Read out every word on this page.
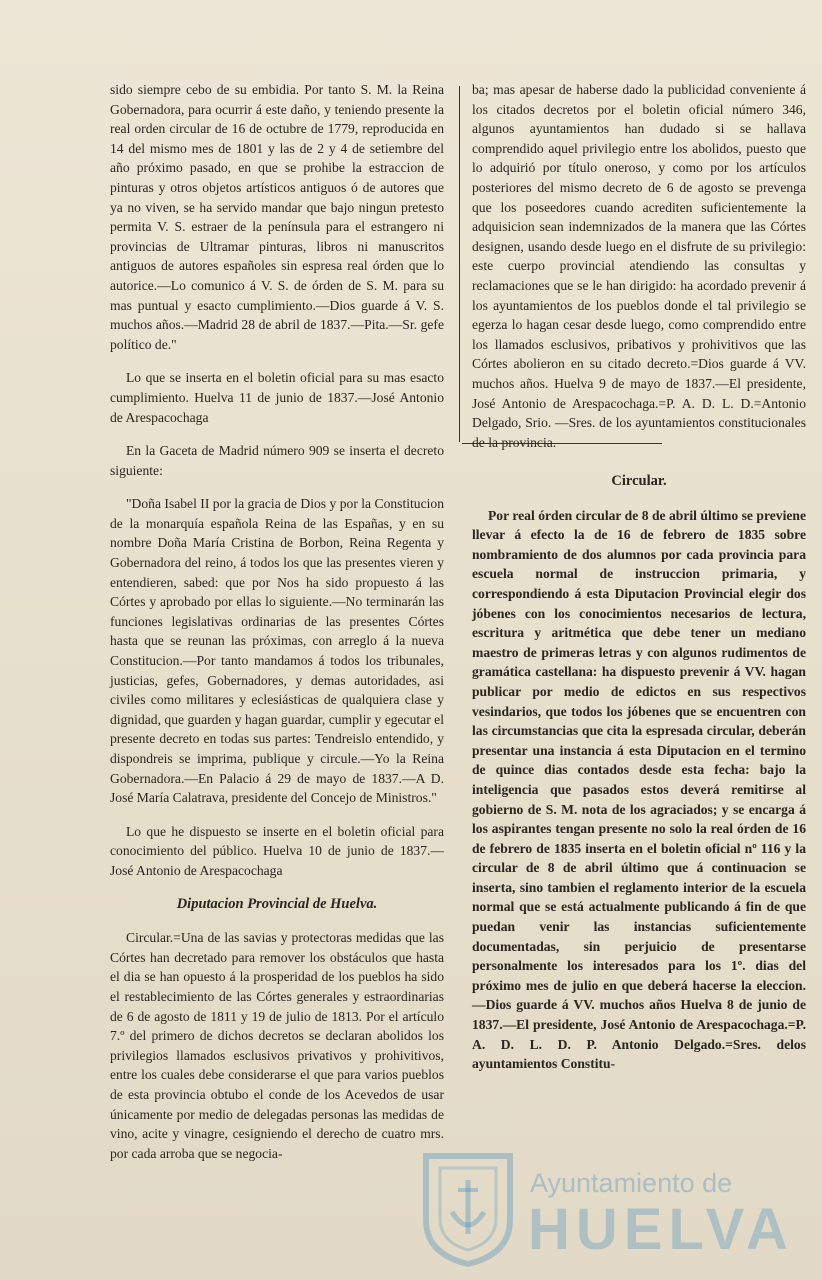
sido siempre cebo de su embidia. Por tanto S. M. la Reina Gobernadora, para ocurrir á este daño, y teniendo presente la real orden circular de 16 de octubre de 1779, reproducida en 14 del mismo mes de 1801 y las de 2 y 4 de setiembre del año próximo pasado, en que se prohibe la estraccion de pinturas y otros objetos artísticos antiguos ó de autores que ya no viven, se ha servido mandar que bajo ningun pretesto permita V. S. estraer de la península para el estrangero ni provincias de Ultramar pinturas, libros ni manuscritos antiguos de autores españoles sin espresa real órden que lo autorice.—Lo comunico á V. S. de órden de S. M. para su mas puntual y esacto cumplimiento.—Dios guarde á V. S. muchos años.—Madrid 28 de abril de 1837.—Pita.—Sr. gefe político de."

Lo que se inserta en el boletin oficial para su mas esacto cumplimiento. Huelva 11 de junio de 1837.—José Antonio de Arespacochaga

En la Gaceta de Madrid número 909 se inserta el decreto siguiente:

"Doña Isabel II por la gracia de Dios y por la Constitucion de la monarquía española Reina de las Españas, y en su nombre Doña María Cristina de Borbon, Reina Regenta y Gobernadora del reino, á todos los que las presentes vieren y entendieren, sabed: que por Nos ha sido propuesto á las Córtes y aprobado por ellas lo siguiente.—No terminarán las funciones legislativas ordinarias de las presentes Córtes hasta que se reunan las próximas, con arreglo á la nueva Constitucion.—Por tanto mandamos á todos los tribunales, justicias, gefes, Gobernadores, y demas autoridades, asi civiles como militares y eclesiásticas de qualquiera clase y dignidad, que guarden y hagan guardar, cumplir y egecutar el presente decreto en todas sus partes: Tendreislo entendido, y dispondreis se imprima, publique y circule.—Yo la Reina Gobernadora.—En Palacio á 29 de mayo de 1837.—A D. José María Calatrava, presidente del Concejo de Ministros."

Lo que he dispuesto se inserte en el boletin oficial para conocimiento del público. Huelva 10 de junio de 1837.—José Antonio de Arespacochaga

Diputacion Provincial de Huelva.

Circular.=Una de las savias y protectoras medidas que las Córtes han decretado para remover los obstáculos que hasta el dia se han opuesto á la prosperidad de los pueblos ha sido el restablecimiento de las Córtes generales y estraordinarias de 6 de agosto de 1811 y 19 de julio de 1813. Por el artículo 7.º del primero de dichos decretos se declaran abolidos los privilegios llamados esclusivos privativos y prohivitivos, entre los cuales debe considerarse el que para varios pueblos de esta provincia obtubo el conde de los Acevedos de usar únicamente por medio de delegadas personas las medidas de vino, acite y vinagre, cesigniendo el derecho de cuatro mrs. por cada arroba que se negocia-

ba; mas apesar de haberse dado la publicidad conveniente á los citados decretos por el boletin oficial número 346, algunos ayuntamientos han dudado si se hallava comprendido aquel privilegio entre los abolidos, puesto que lo adquirió por título oneroso, y como por los artículos posteriores del mismo decreto de 6 de agosto se prevenga que los poseedores cuando acrediten suficientemente la adquisicion sean indemnizados de la manera que las Córtes designen, usando desde luego en el disfrute de su privilegio: este cuerpo provincial atendiendo las consultas y reclamaciones que se le han dirigido: ha acordado prevenir á los ayuntamientos de los pueblos donde el tal privilegio se egerza lo hagan cesar desde luego, como comprendido entre los llamados esclusivos, pribativos y prohivitivos que las Córtes abolieron en su citado decreto.=Dios guarde á VV. muchos años. Huelva 9 de mayo de 1837.—El presidente, José Antonio de Arespacochaga.=P. A. D. L. D.=Antonio Delgado, Srio. —Sres. de los ayuntamientos constitucionales de la provincia.

Circular.

Por real órden circular de 8 de abril último se previene llevar á efecto la de 16 de febrero de 1835 sobre nombramiento de dos alumnos por cada provincia para escuela normal de instruccion primaria, y correspondiendo á esta Diputacion Provincial elegir dos jóbenes con los conocimientos necesarios de lectura, escritura y aritmética que debe tener un mediano maestro de primeras letras y con algunos rudimentos de gramática castellana: ha dispuesto prevenir á VV. hagan publicar por medio de edictos en sus respectivos vesindarios, que todos los jóbenes que se encuentren con las circumstancias que cita la espresada circular, deberán presentar una instancia á esta Diputacion en el termino de quince dias contados desde esta fecha: bajo la inteligencia que pasados estos deverá remitirse al gobierno de S. M. nota de los agraciados; y se encarga á los aspirantes tengan presente no solo la real órden de 16 de febrero de 1835 inserta en el boletin oficial nº 116 y la circular de 8 de abril último que á continuacion se inserta, sino tambien el reglamento interior de la escuela normal que se está actualmente publicando á fin de que puedan venir las instancias suficientemente documentadas, sin perjuicio de presentarse personalmente los interesados para los 1º. dias del próximo mes de julio en que deberá hacerse la eleccion.—Dios guarde á VV. muchos años Huelva 8 de junio de 1837.—El presidente, José Antonio de Arespacochaga.=P. A. D. L. D. P. Antonio Delgado.=Sres. delos ayuntamientos Constitu-

Ayuntamiento de
HUELVA
